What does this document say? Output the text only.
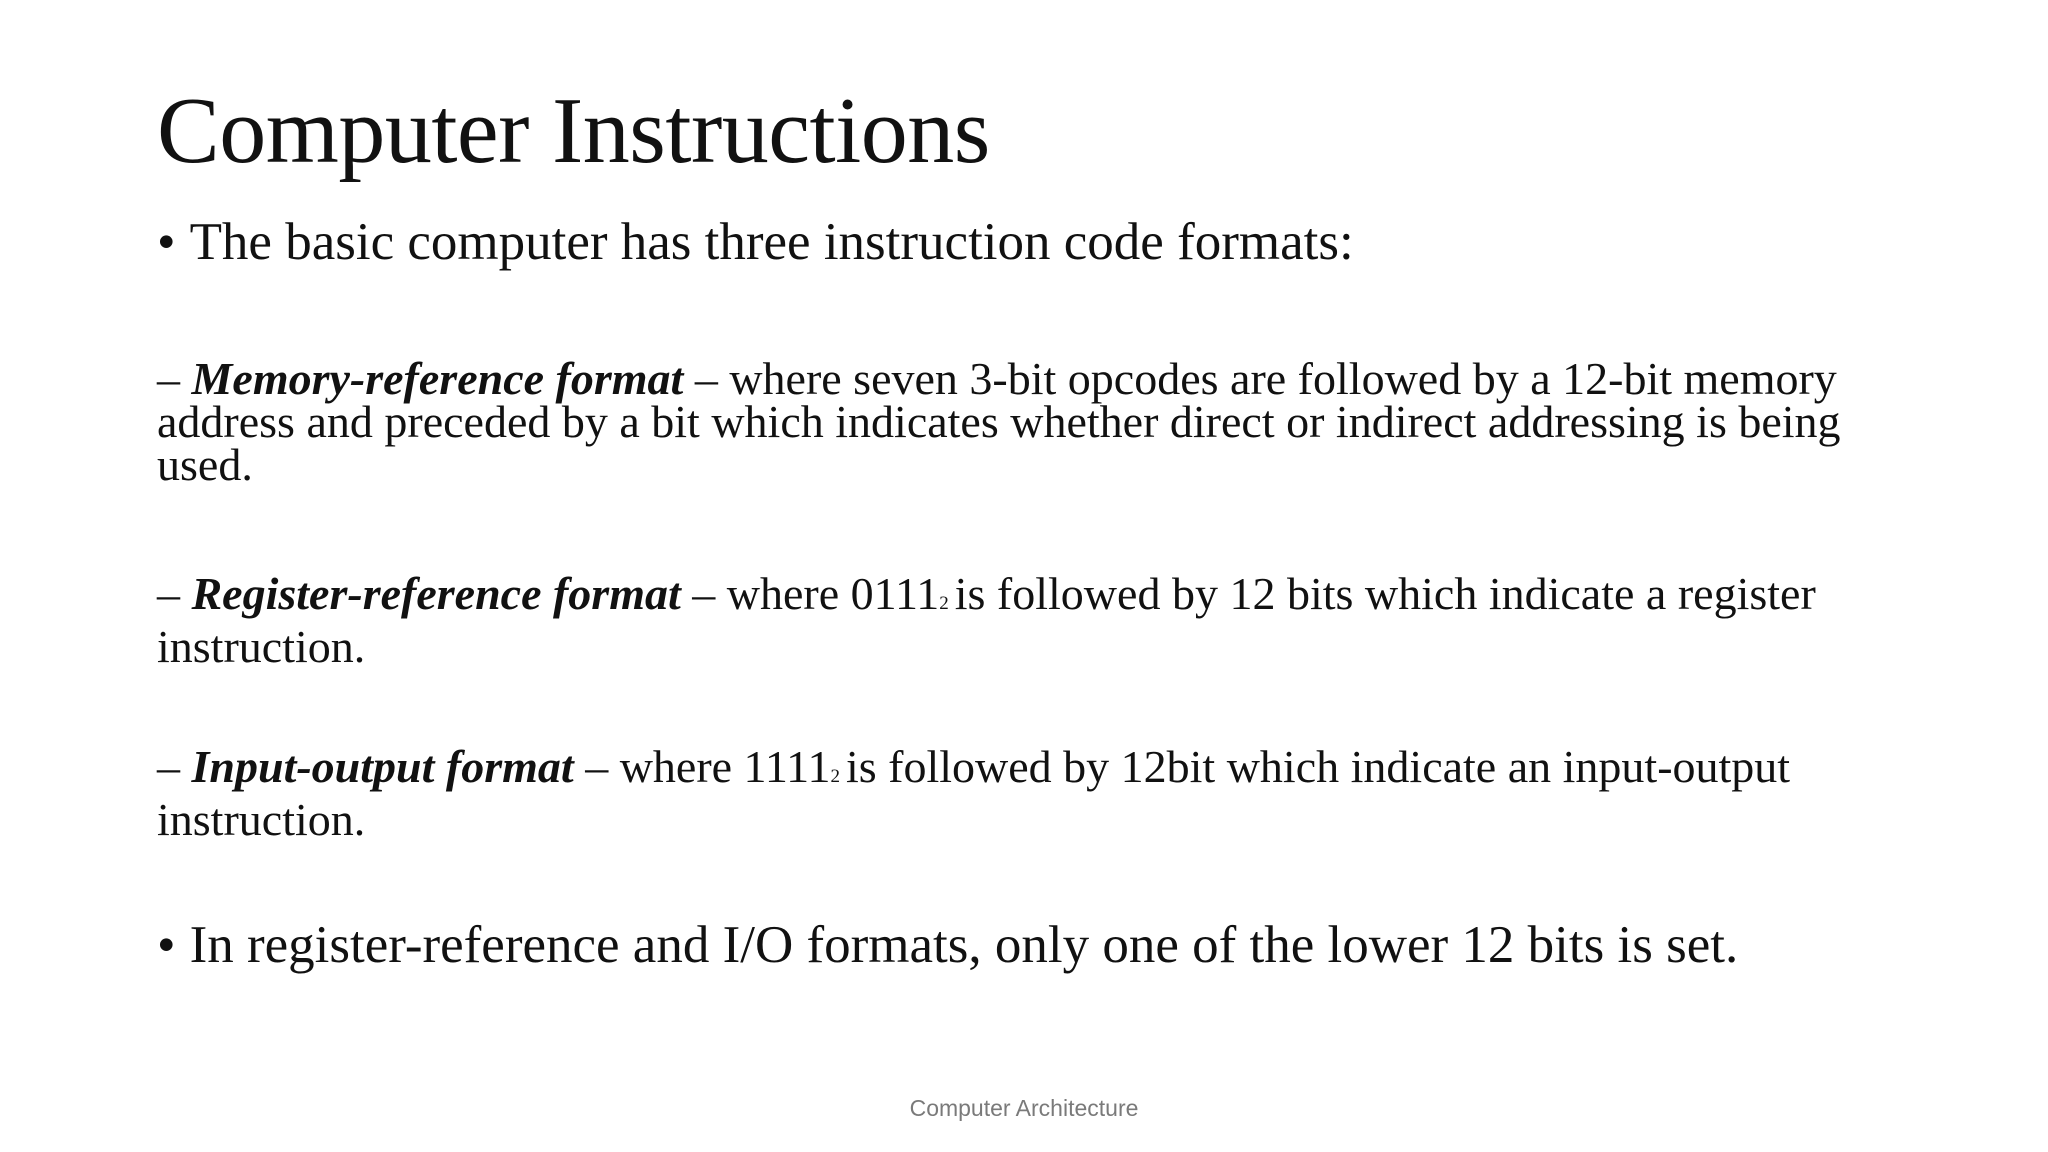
Computer Instructions

• The basic computer has three instruction code formats:

– Memory-reference format – where seven 3-bit opcodes are followed by a 12-bit memory address and preceded by a bit which indicates whether direct or indirect addressing is being used.

– Register-reference format – where 01112 is followed by 12 bits which indicate a register instruction.

– Input-output format – where 11112 is followed by 12bit which indicate an input-output instruction.

• In register-reference and I/O formats, only one of the lower 12 bits is set.

Computer Architecture
